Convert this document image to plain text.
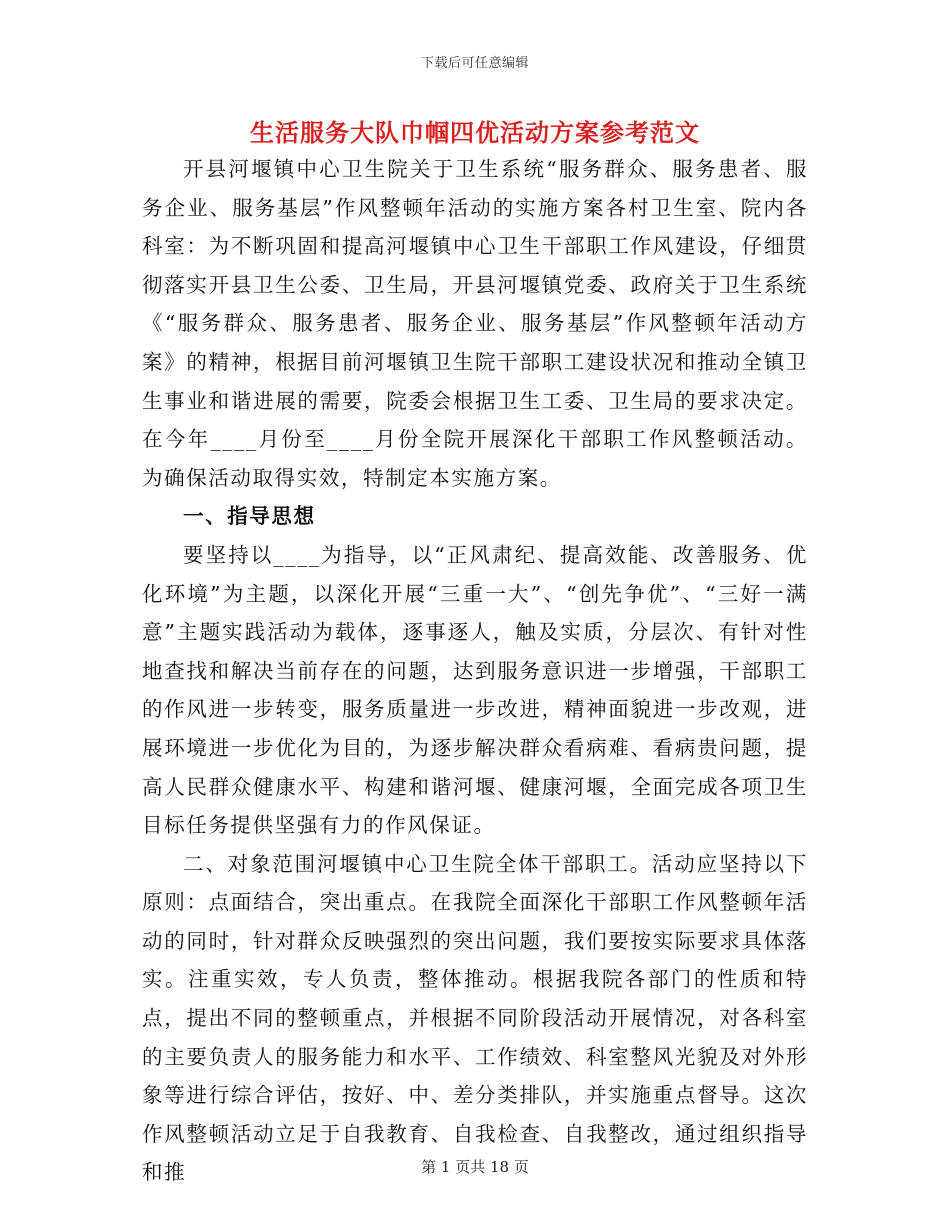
下载后可任意编辑
生活服务大队巾帼四优活动方案参考范文

开县河堰镇中心卫生院关于卫生系统“服务群众、服务患者、服务企业、服务基层”作风整顿年活动的实施方案各村卫生室、院内各科室：为不断巩固和提高河堰镇中心卫生干部职工作风建设，仔细贯彻落实开县卫生公委、卫生局，开县河堰镇党委、政府关于卫生系统《“服务群众、服务患者、服务企业、服务基层”作风整顿年活动方案》的精神，根据目前河堰镇卫生院干部职工建设状况和推动全镇卫生事业和谐进展的需要，院委会根据卫生工委、卫生局的要求决定。在今年____月份至____月份全院开展深化干部职工作风整顿活动。为确保活动取得实效，特制定本实施方案。

一、指导思想

要坚持以____为指导，以“正风肃纪、提高效能、改善服务、优化环境”为主题，以深化开展“三重一大”、“创先争优”、“三好一满意”主题实践活动为载体，逐事逐人，触及实质，分层次、有针对性地查找和解决当前存在的问题，达到服务意识进一步增强，干部职工的作风进一步转变，服务质量进一步改进，精神面貌进一步改观，进展环境进一步优化为目的，为逐步解决群众看病难、看病贵问题，提高人民群众健康水平、构建和谐河堰、健康河堰，全面完成各项卫生目标任务提供坚强有力的作风保证。

二、对象范围河堰镇中心卫生院全体干部职工。活动应坚持以下原则：点面结合，突出重点。在我院全面深化干部职工作风整顿年活动的同时，针对群众反映强烈的突出问题，我们要按实际要求具体落实。注重实效，专人负责，整体推动。根据我院各部门的性质和特点，提出不同的整顿重点，并根据不同阶段活动开展情况，对各科室的主要负责人的服务能力和水平、工作绩效、科室整风光貌及对外形象等进行综合评估，按好、中、差分类排队，并实施重点督导。这次作风整顿活动立足于自我教育、自我检查、自我整改，通过组织指导和推	第 1 页共 18 页
